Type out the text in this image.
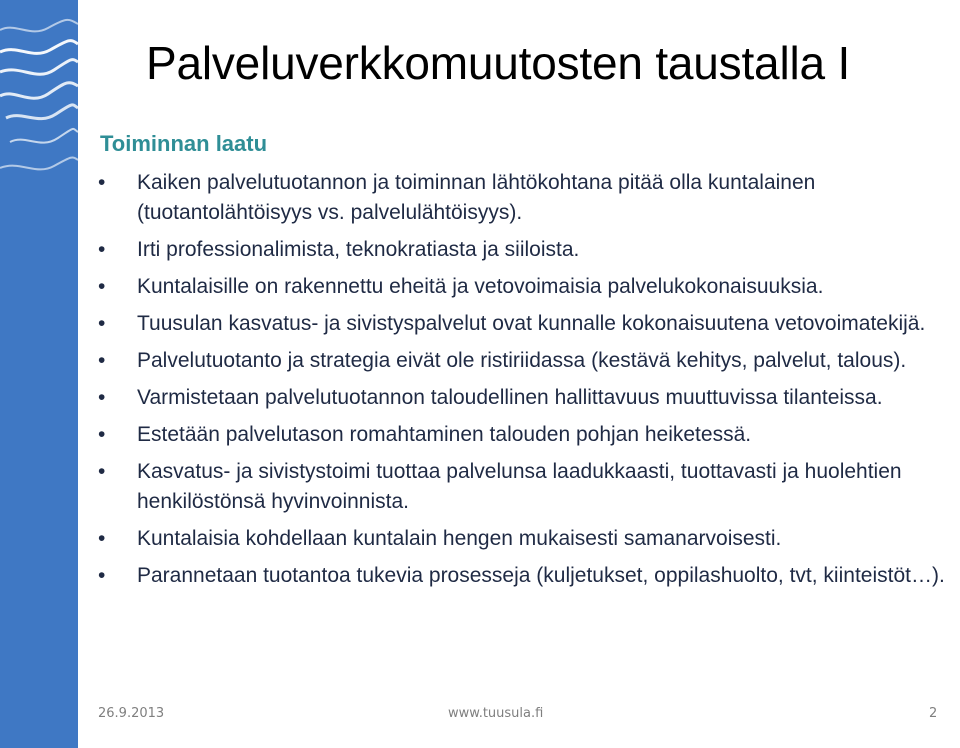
Palveluverkkomuutosten taustalla I
Toiminnan laatu
•	Kaiken palvelutuotannon ja toiminnan lähtökohtana pitää olla kuntalainen (tuotantolähtöisyys vs. palvelulähtöisyys).
•	Irti professionalimista, teknokratiasta ja siiloista.
•	Kuntalaisille on rakennettu eheitä ja vetovoimaisia palvelukokonaisuuksia.
•	Tuusulan kasvatus- ja sivistyspalvelut ovat kunnalle kokonaisuutena vetovoimatekijä.
•	Palvelutuotanto ja strategia eivät ole ristiriidassa (kestävä kehitys, palvelut, talous).
•	Varmistetaan palvelutuotannon taloudellinen hallittavuus muuttuvissa tilanteissa.
•	Estetään palvelutason romahtaminen talouden pohjan heiketessä.
•	Kasvatus- ja sivistystoimi tuottaa palvelunsa laadukkaasti, tuottavasti ja huolehtien henkilöstönsä hyvinvoinnista.
•	Kuntalaisia kohdellaan kuntalain hengen mukaisesti samanarvoisesti.
•	Parannetaan tuotantoa tukevia prosesseja (kuljetukset, oppilashuolto, tvt, kiinteistöt…).
26.9.2013	www.tuusula.fi	2
